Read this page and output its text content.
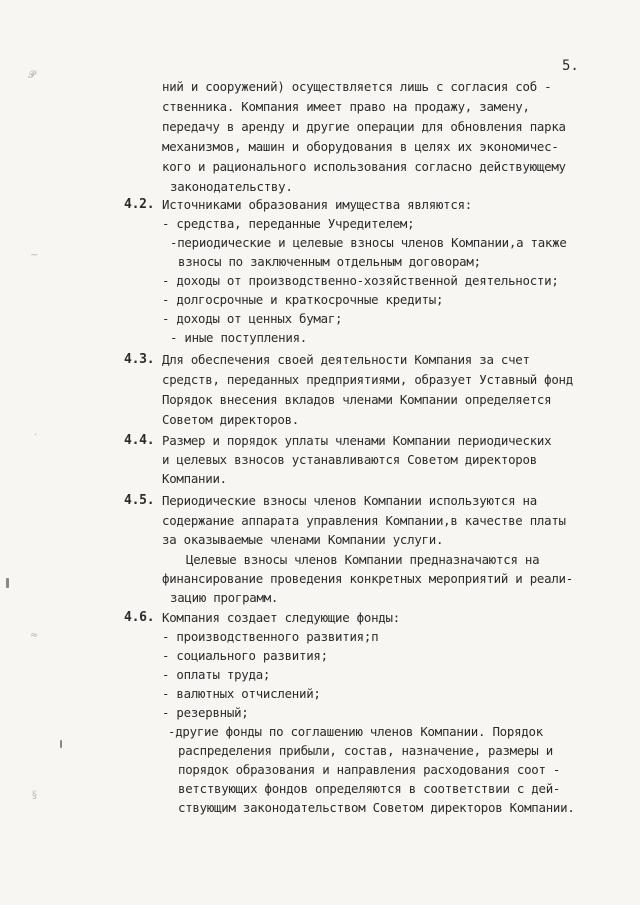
5.
𝓟
~
·
≈
§
ний и сооружений) осуществляется лишь с согласия соб -
ственника. Компания имеет право на продажу, замену,
передачу в аренду и другие операции для обновления парка
механизмов, машин и оборудования в целях их экономичес-
кого и рационального использования согласно действующему
законодательству.
Источниками образования имущества являются:
- средства, переданные Учредителем;
-периодические и целевые взносы членов Компании,а также
взносы по заключенным отдельным договорам;
- доходы от производственно-хозяйственной деятельности;
- долгосрочные и краткосрочные кредиты;
- доходы от ценных бумаг;
- иные поступления.
Для обеспечения своей деятельности Компания за счет
средств, переданных предприятиями, образует Уставный фонд
Порядок внесения вкладов членами Компании определяется
Советом директоров.
Размер и порядок уплаты членами Компании периодических
и целевых взносов устанавливаются Советом директоров
Компании.
Периодические взносы членов Компании используются на
содержание аппарата управления Компании,в качестве платы
за оказываемые членами Компании услуги.
Целевые взносы членов Компании предназначаются на
финансирование проведения конкретных мероприятий и реали-
зацию программ.
Компания создает следующие фонды:
- производственного развития;п
- социального развития;
- оплаты труда;
- валютных отчислений;
- резервный;
-другие фонды по соглашению членов Компании. Порядок
распределения прибыли, состав, назначение, размеры и
порядок образования и направления расходования соот -
ветствующих фондов определяются в соответствии с дей-
ствующим законодательством Советом директоров Компании.
4.2.
4.3.
4.4.
4.5.
4.6.
